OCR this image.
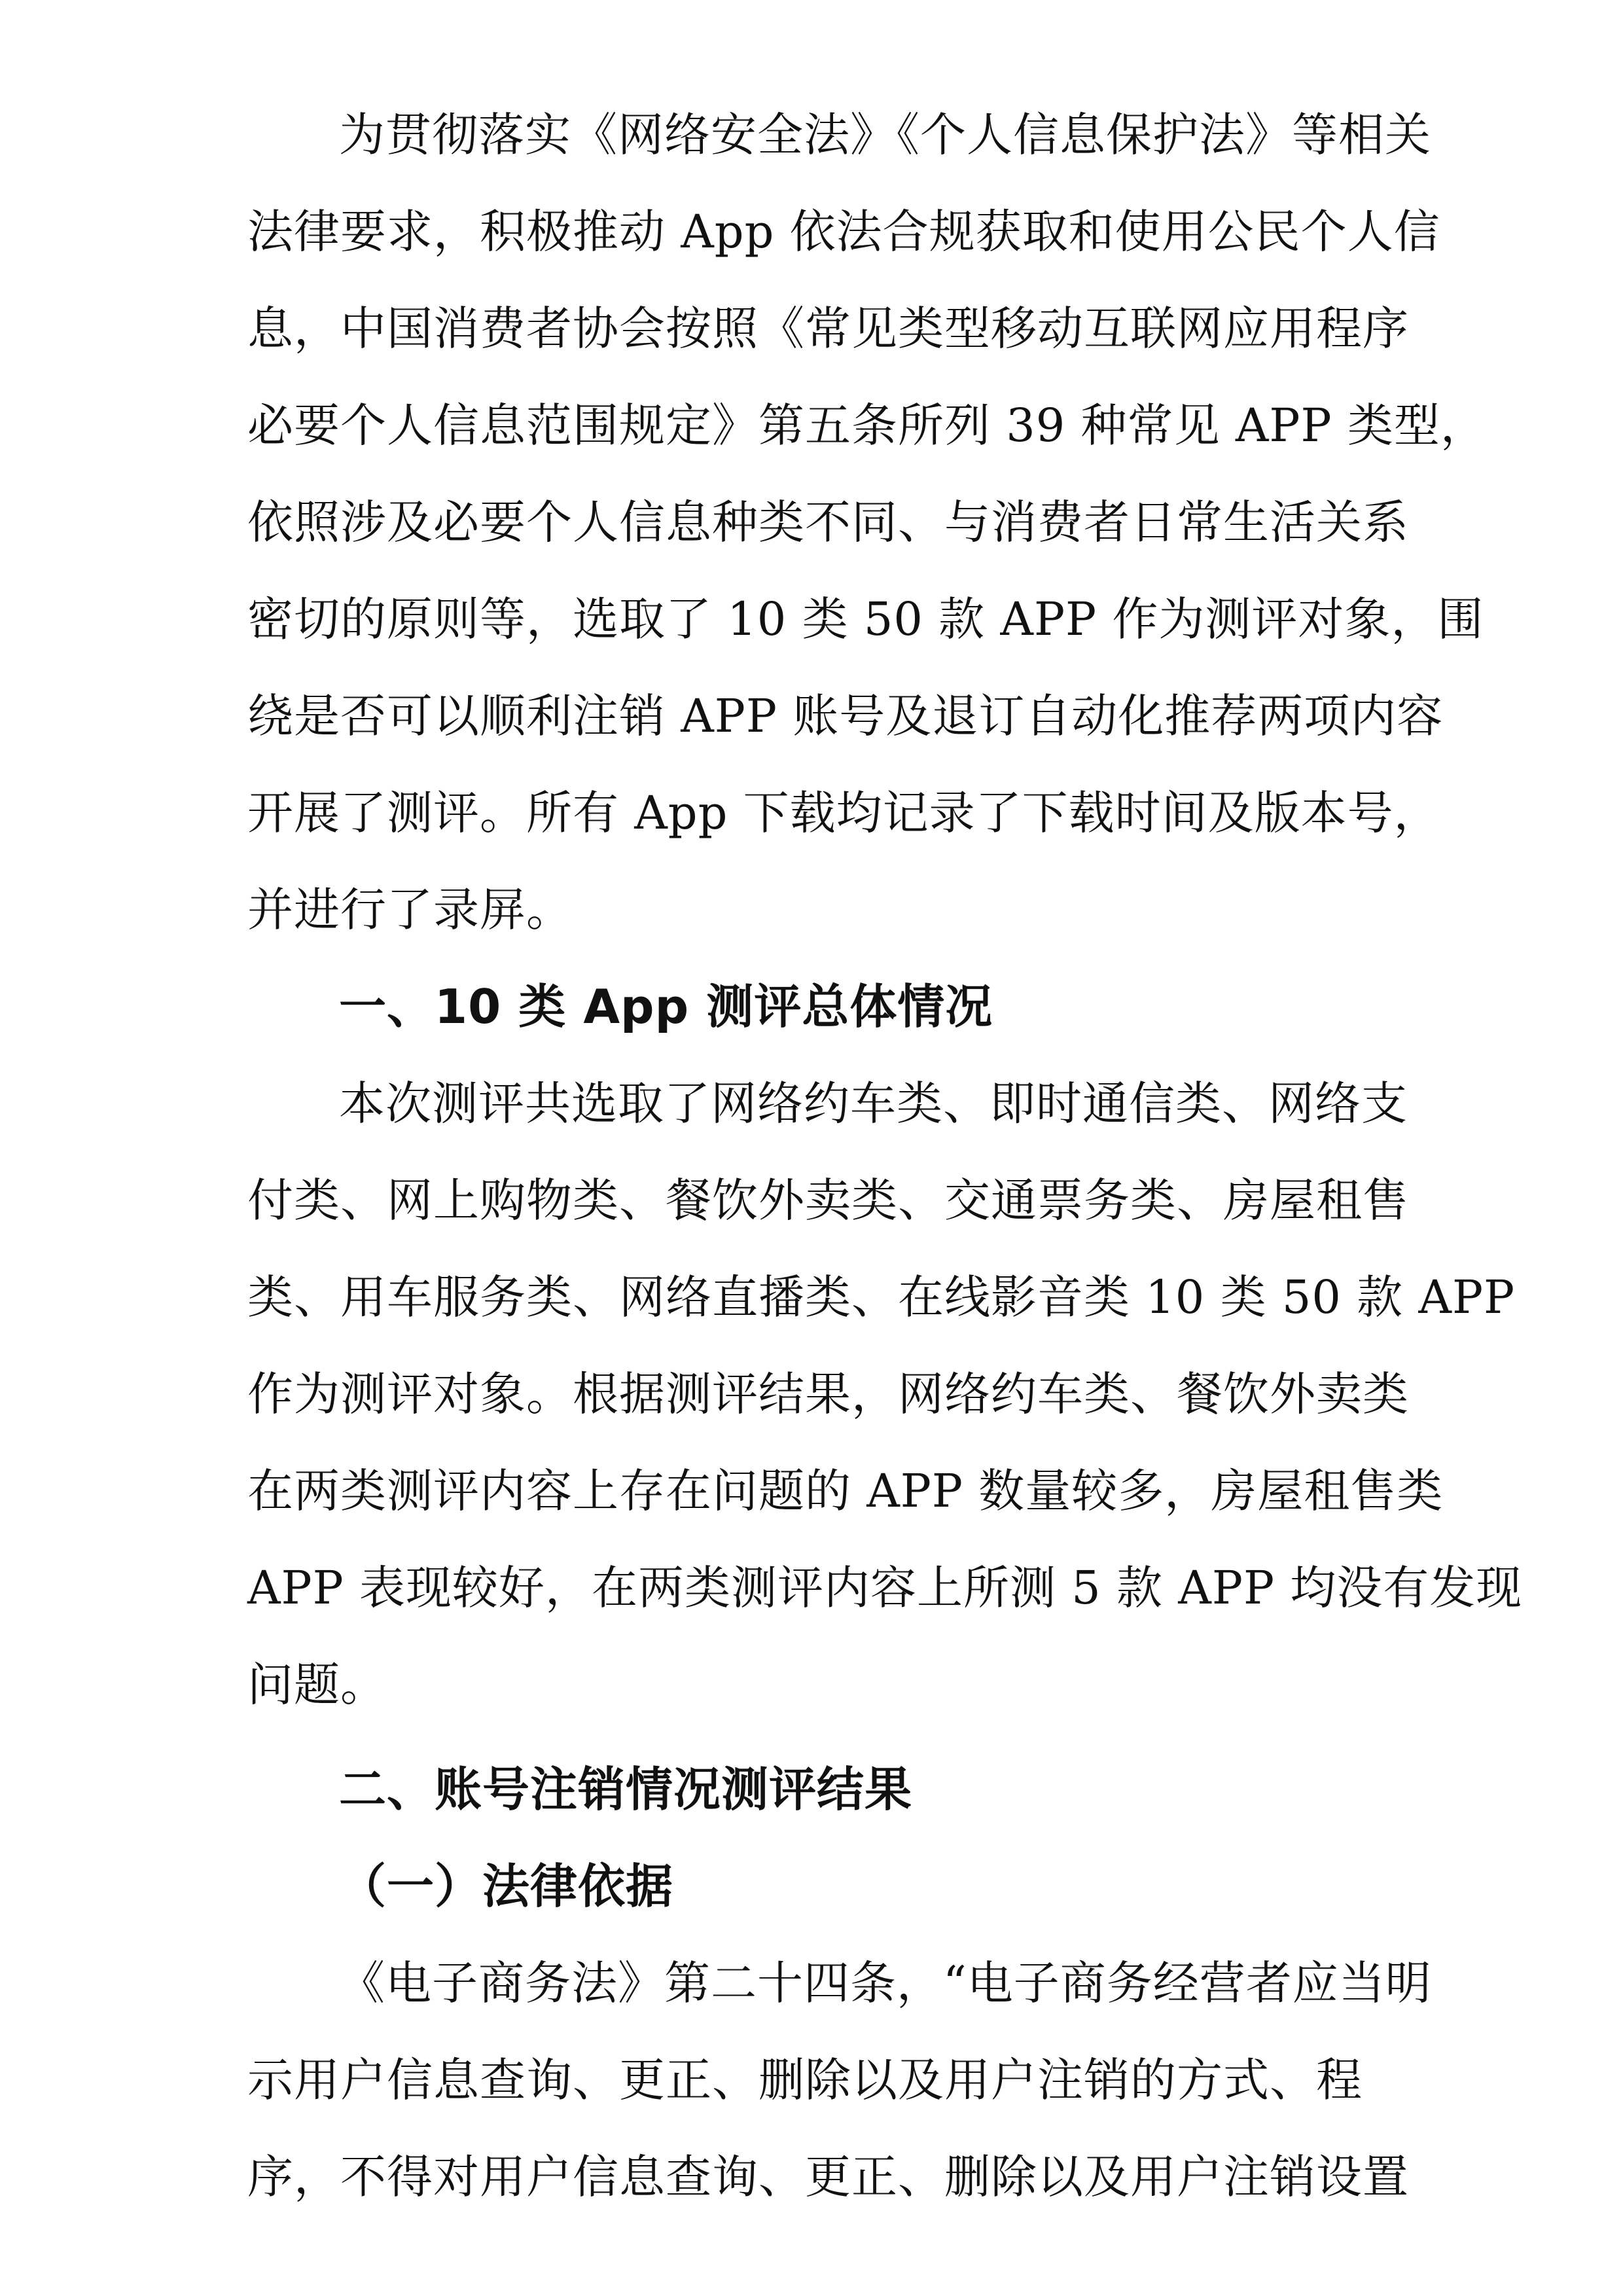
为贯彻落实《网络安全法》《个人信息保护法》等相关
法律要求，积极推动 App 依法合规获取和使用公民个人信
息，中国消费者协会按照《常见类型移动互联网应用程序
必要个人信息范围规定》第五条所列 39 种常见 APP 类型，
依照涉及必要个人信息种类不同、与消费者日常生活关系
密切的原则等，选取了 10 类 50 款 APP 作为测评对象，围
绕是否可以顺利注销 APP 账号及退订自动化推荐两项内容
开展了测评。所有 App 下载均记录了下载时间及版本号，
并进行了录屏。
一、10 类 App 测评总体情况
本次测评共选取了网络约车类、即时通信类、网络支
付类、网上购物类、餐饮外卖类、交通票务类、房屋租售
类、用车服务类、网络直播类、在线影音类 10 类 50 款 APP
作为测评对象。根据测评结果，网络约车类、餐饮外卖类
在两类测评内容上存在问题的 APP 数量较多，房屋租售类
APP 表现较好，在两类测评内容上所测 5 款 APP 均没有发现
问题。
二、账号注销情况测评结果
（一）法律依据
《电子商务法》第二十四条，“电子商务经营者应当明
示用户信息查询、更正、删除以及用户注销的方式、程
序，不得对用户信息查询、更正、删除以及用户注销设置
